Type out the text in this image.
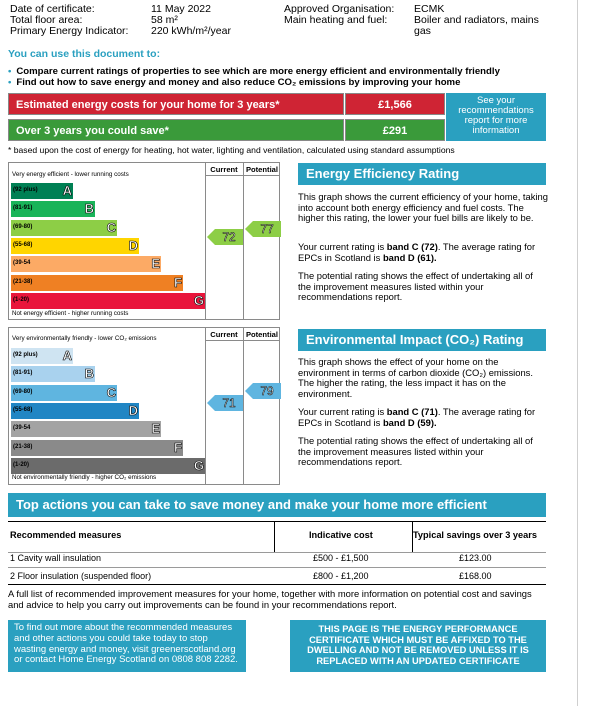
Date of certificate:	11 May 2022
Total floor area:	58 m²
Primary Energy Indicator: 220 kWh/m²/year
Approved Organisation: ECMK
Main heating and fuel:	Boiler and radiators, mains
gas
You can use this document to:
• Compare current ratings of properties to see which are more energy efficient and environmentally friendly
• Find out how to save energy and money and also reduce CO₂ emissions by improving your home
Estimated energy costs for your home for 3 years*	£1,566
Over 3 years you could save*	£291
See your
recommendations
report for more
information
* based upon the cost of energy for heating, hot water, lighting and ventilation, calculated using standard assumptions
Current	Potential
Very energy efficient - lower running costs
Not energy efficient - higher running costs
(92 plus) A
(81-91)	B
(69-80)	C
(55-68)	D
(39-54	E
(21-38)	F
(1-20)	G
72
77
Current	Potential
Very environmentally friendly - lower CO₂ emissions
Not environmentally friendly - higher CO₂ emissions
(92 plus) A
(81-91)	B
(69-80)	C
(55-68)	D
(39-54	E
(21-38)	F
(1-20)	G
71
79
Energy Efficiency Rating
This graph shows the current efficiency of your home, taking into account both energy efficiency and fuel costs. The higher this rating, the lower your fuel bills are likely to be.
Your current rating is band C (72). The average rating for EPCs in Scotland is band D (61).
The potential rating shows the effect of undertaking all of the improvement measures listed within your recommendations report.
Environmental Impact (CO₂) Rating
This graph shows the effect of your home on the environment in terms of carbon dioxide (CO₂) emissions. The higher the rating, the less impact it has on the environment.
Your current rating is band C (71). The average rating for EPCs in Scotland is band D (59).
The potential rating shows the effect of undertaking all of the improvement measures listed within your recommendations report.
Top actions you can take to save money and make your home more efficient
Recommended measures	Indicative cost	Typical savings over 3 years
1 Cavity wall insulation	£500 - £1,500	£123.00
2 Floor insulation (suspended floor)	£800 - £1,200	£168.00
A full list of recommended improvement measures for your home, together with more information on potential cost and savings and advice to help you carry out improvements can be found in your recommendations report.
To find out more about the recommended measures
and other actions you could take today to stop
wasting energy and money, visit greenerscotland.org
or contact Home Energy Scotland on 0808 808 2282.
THIS PAGE IS THE ENERGY PERFORMANCE
CERTIFICATE WHICH MUST BE AFFIXED TO THE
DWELLING AND NOT BE REMOVED UNLESS IT IS
REPLACED WITH AN UPDATED CERTIFICATE
